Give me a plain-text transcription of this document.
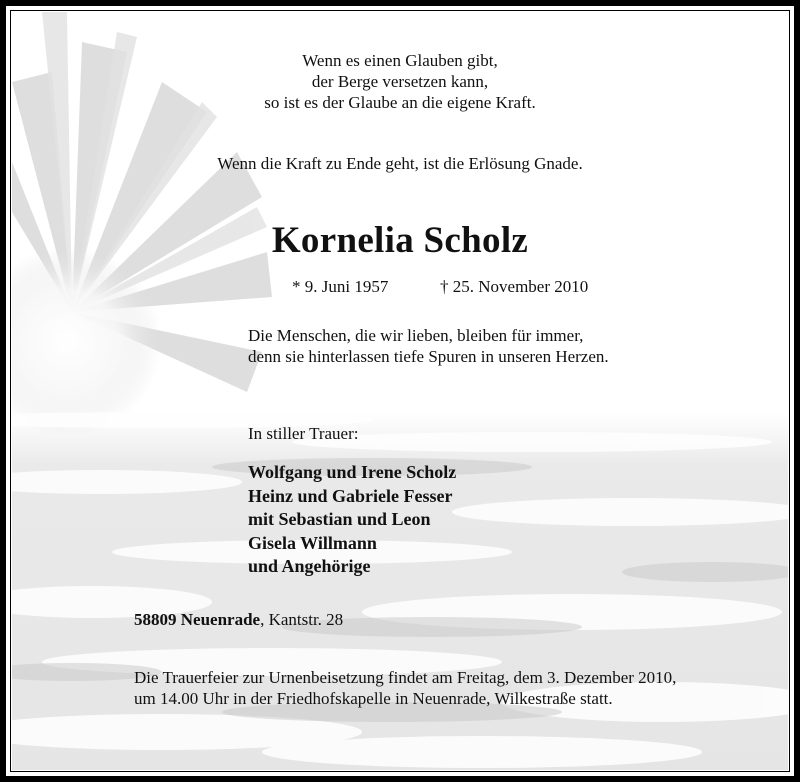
Wenn es einen Glauben gibt,
der Berge versetzen kann,
so ist es der Glaube an die eigene Kraft.
Wenn die Kraft zu Ende geht, ist die Erlösung Gnade.
Kornelia Scholz
* 9. Juni 1957	† 25. November 2010
Die Menschen, die wir lieben, bleiben für immer,
denn sie hinterlassen tiefe Spuren in unseren Herzen.
In stiller Trauer:
Wolfgang und Irene Scholz
Heinz und Gabriele Fesser
mit Sebastian und Leon
Gisela Willmann
und Angehörige
58809 Neuenrade, Kantstr. 28
Die Trauerfeier zur Urnenbeisetzung findet am Freitag, dem 3. Dezember 2010,
um 14.00 Uhr in der Friedhofskapelle in Neuenrade, Wilkestraße statt.
